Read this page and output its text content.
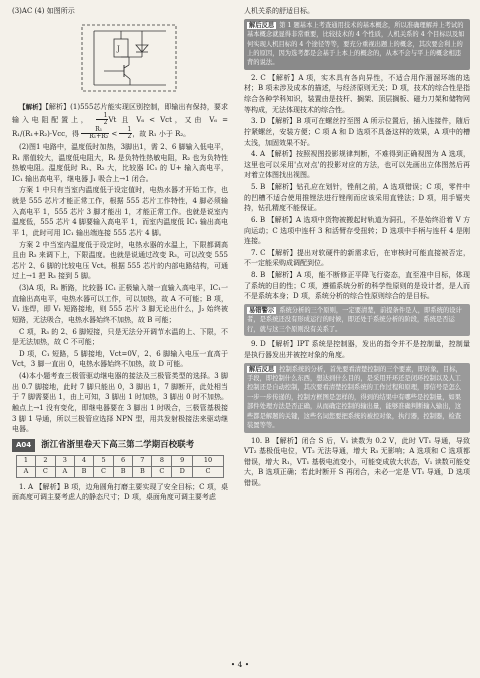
(3)AC (4) 如图所示

J

【解析】【解析】(1)555芯片能实现区别控制，即输出有保持，要求输入电阻配置上， $\frac{1}{2}$ Vt 且 V₆ < Vct，又由 V₆ = R₁/(R₁+R₂)·Vcc，得 $\frac{\text{R₁}}{\text{R₁+R₂}} < \frac{1}{2}$ ，故 R₁ 小于 R₂。

(2)图1 电路中，温度低时加热，3脚出1，需 2、6 脚输入低电平，R₁ 需值较大，温度低电阻大，Rₜ 是负特性热敏电阻，R₂ 也为负特性热敏电阻。温度低时 R₁、R₂ 大，比较器 IC₁ 的 U+ 输入高电平，IC₁ 输出高电平，继电器 J₁ 吸合上→1 闭合。

方案 1 中只有当室内温度低于设定值时，电热水器才开始工作，也就是 555 芯片才能正常工作，根据 555 芯片工作特性，4 脚必须输入高电平 1，555 芯片 3 脚才能出 1，才能正常工作。也就是说室内温度低，555 芯片 4 脚要输入高电平 1，而室内温度低 IC₁ 输出高电平 1，此时可用 IC₁ 输出端连接 555 芯片 4 脚。

方案 2 中当室内温度低于设定时，电热水器的水温上，下限都调高且由 R₃ 来调下上，下限温度。也就是说通过改变 R₃，可以改变 555 芯片 2、6 脚的比较电压 Vct。根据 555 芯片的内部电路结构，可通过上→1 把 R₃ 接到 5 脚。

(3)A 项，R₁ 断路，比较器 IC₁ 正极输入端一直输入高电平，IC₁一直输出高电平，电热水器可以工作，可以加热，故 A 不可能；B 项，V₁ 连焊，即 V₁ 短路接地，则 555 芯片 3 脚无论出什么，J₂ 始终被短路，无法吸合，电热水器始终不加热，故 B 可能；

C 项，R₃ 的 2、6 脚短接，只是无法分开调节水温的上、下限，不是无法加热，故 C 不可能；

D 项，C₁ 短路，5 脚接地，Vct=0V，2、6 脚输入电压一直高于 Vct，3 脚一直出 0，电热水器始终不加热，故 D 可能。

(4)本小题考查三极管驱动继电器的接法及三极管类型的选择。3 脚出 0.7 脚接地，此时 7 脚只能出 0，3 脚出 1，7 脚断开，此处相当于 7 脚需要出 1，由上可知，3 脚出 1 时加热，3 脚出 0 时不加热。触点上→1 没有变化，即继电器要在 3 脚出 1 时吸合，三极管基极接 3 脚 1 导通，所以三极管应选择 NPN 型，用共发射极接法来驱动继电器。

A04	浙江省浙里卷天下高三第二学期百校联考
1	2	3	4	5	6	7	8	9	10
A	C	A	B	C	B	B	C	D	C

1. A 【解析】B 项，边角圆角打磨主要实现了安全目标；C 项，桌面高度可调主要考虑人的静态尺寸；D 项，桌面角度可调主要考虑

人机关系的舒适目标。

解后反思 第 1 题基本上考查通用技术的基本概念，所以准确理解并上考试的基本概念就显得非常重要，比较技术的 4 个性质，人机关系的 4 个目标以及如何实现人机目标的 4 个途径等等，要充分重视出题上的概念，其次要会利上的上的原因，因为选考都是会基于上本上的概念的，从本不会与平上的概念相违背的说法。

2. C 【解析】A 项，实木具有各向异性，不适合用作溜溜环端的选材；B 项未涉及成本的描述，与经济原则无关；D 项，技术的综合性是指综合各种学科知识，装置由是技杆、搁架、顶层搁板、磁力刀架和储物网等构成，无法体现技术的综合性。

3. D 【解析】B 项可在螺丝拧至图 A 所示位置后，插入连接件，随后拧紧螺丝，安装方便；C 项 A 和 D 选项不具备这样的效果，A 项中的槽太浅，加固效果不好。

4. A 【解析】按照视图投影规律判断，不难得到正确视图为 A 选项，这里也可以采用'点对点'的投影对应的方法，也可以先画出立体图然后再对着立体图找出视图。

5. B 【解析】钻孔应在划针，锉削之前，A 选项错误；C 项，零件中的凹槽不适合使用推锉法进行锉削而应该采用直锉法；D 项，用手锯夹持，钻孔精度不能保证。

6. B 【解析】A 选项中货物被搬起时轨道为洞孔，不是始终沿着 V 方向运动；C 选项中连杆 3 和活臂存受扭转；D 选项中手柄与连杆 4 是刚连接。

7. C 【解析】提出对软硬件的新需求后，在审核时可能直接被否定，不一定能采购成调配到位。

8. B 【解析】A 项，能不断修正平降飞行姿态，直至准中目标，体现了系统的目的性；C 项，遵循系统分析的科学性原则的是设计者，是人而不是系统本身；D 项，系统分析的综合性原则综合的是目标。

易错警示 系统分析的三个原则，一定要清楚，前提条件是人，即系统的设计者，是系统还没有形成运行的时候，即还处于系统分析的阶段，系统是否运行，就与这三个原则没有关系了。

9. D 【解析】IPT 系统是控制器，发出的指令并不是控制量，控制量是执行器发出并被控对象的角度。

解后反思 控制系统的分析，首先要看清楚控制的三个要素，即对象，目标，手段，即控制什么东西，想达到什么目的，是采用开环还是闭环控制以及人工控制还是自动控制，其次要看清楚控制系统的工作过程和原理，即信号是怎么一步一步传递的，控制方框图是怎样的，得到的结果中有哪些是控制量，如果部件处理方法是否正确，从而确定控制的输出量，能够准确判断输入输出，这些都是解题的关键，这些名词您要把系统的被控对象，执行器，控制器，检查装置等等。

10. B 【解析】闭合 S 后，V₁ 读数为 0.2 V，此时 VT₁ 导通，导致 VT₂ 基极低电位，VT₂ 无法导通，增大 R₃ 无影响；A 选项和 C 选项都错误，增大 R₁，VT₁ 基极电流变小，可能变成放大状态，V₁ 读数可能变大，B 选项正确；若此时断开 S 再闭合，未必一定是 VT₁ 导通，D 选项错误。

• 4 •
